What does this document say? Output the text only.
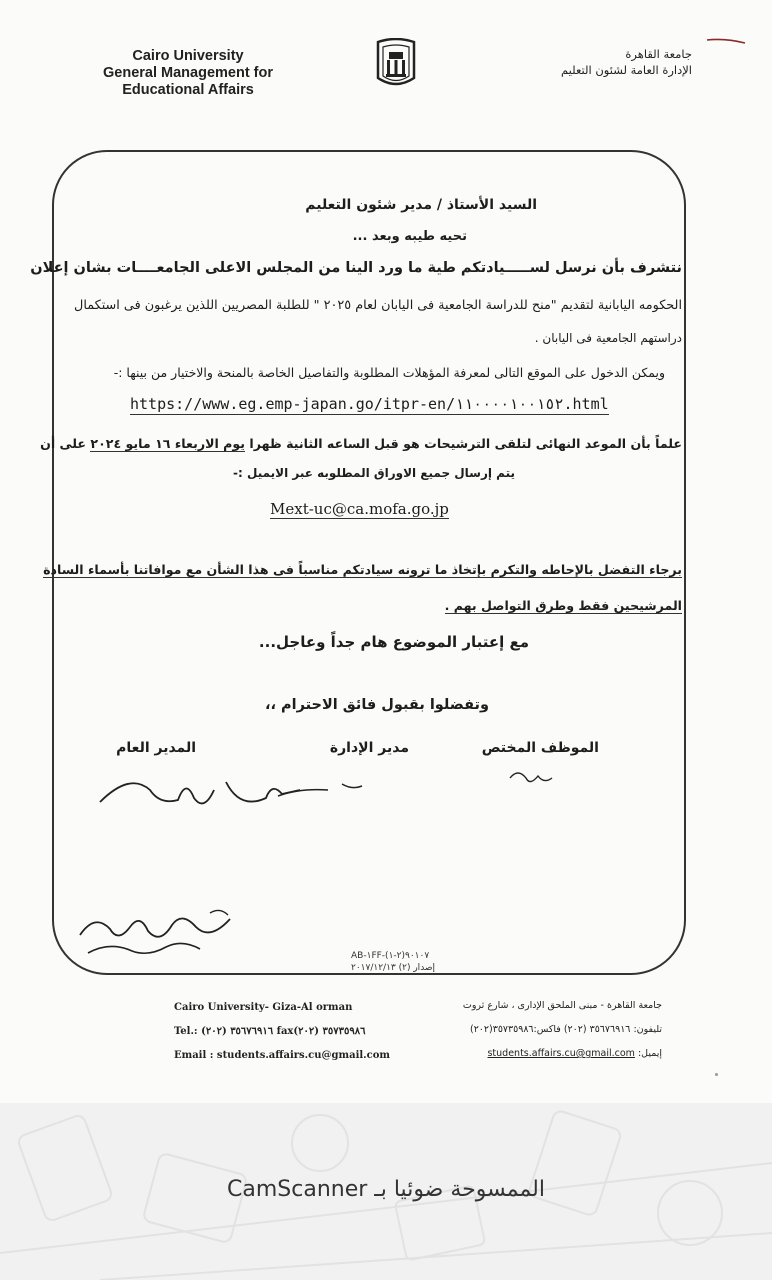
Cairo University
General Management for
Educational Affairs
جامعة القاهرة
الإدارة العامة لشئون التعليم
السيد الأستاذ / مدير شئون التعليم
تحيه طيبه وبعد ...
نتشرف بأن نرسل لســـــيادتكم طية ما ورد الينا من المجلس الاعلى الجامعــــات بشان إعلان
الحكومه اليابانية لتقديم "منح للدراسة الجامعية فى اليابان لعام ٢٠٢٥ " للطلبة المصريين اللذين يرغبون فى استكمال
دراستهم الجامعية فى اليابان .
ويمكن الدخول على الموقع التالى لمعرفة المؤهلات المطلوبة والتفاصيل الخاصة بالمنحة والاختيار من بينها :-
https://www.eg.emp-japan.go/itpr-en/١١٠٠٠٠١٠٠١٥٢.html
علماً بأن الموعد النهائى لتلقى الترشيحات هو قبل الساعه الثانية ظهرا يوم الاربعاء ١٦ مايو ٢٠٢٤ على أن
يتم إرسال جميع الاوراق المطلوبه عبر الايميل :-
Mext-uc@ca.mofa.go.jp
برجاء التفضل بالإحاطه والتكرم بإتخاذ ما ترونه سيادتكم مناسباً فى هذا الشأن مع موافاتنا بأسماء السادة
المرشيحين فقط وطرق التواصل بهم .
مع إعتبار الموضوع هام جداً وعاجل...
وتفضلوا بقبول فائق الاحترام ،،
الموظف المختص
مدير الإدارة
المدير العام
AB-١FF-٩٠١٠٧(٢-١)
إصدار (٢) ٢٠١٧/١٢/١٣
Cairo University- Giza-Al orman
Tel.: (٢٠٢) ٣٥٦٧٦٩١٦ fax(٢٠٢) ٣٥٧٣٥٩٨٦
Email : students.affairs.cu@gmail.com
جامعة القاهرة - مبنى الملحق الإدارى ، شارع ثروت
تليفون: ٣٥٦٧٦٩١٦ (٢٠٢) فاكس:٣٥٧٣٥٩٨٦(٢٠٢)
إيميل: students.affairs.cu@gmail.com
الممسوحة ضوئيا بـ CamScanner
